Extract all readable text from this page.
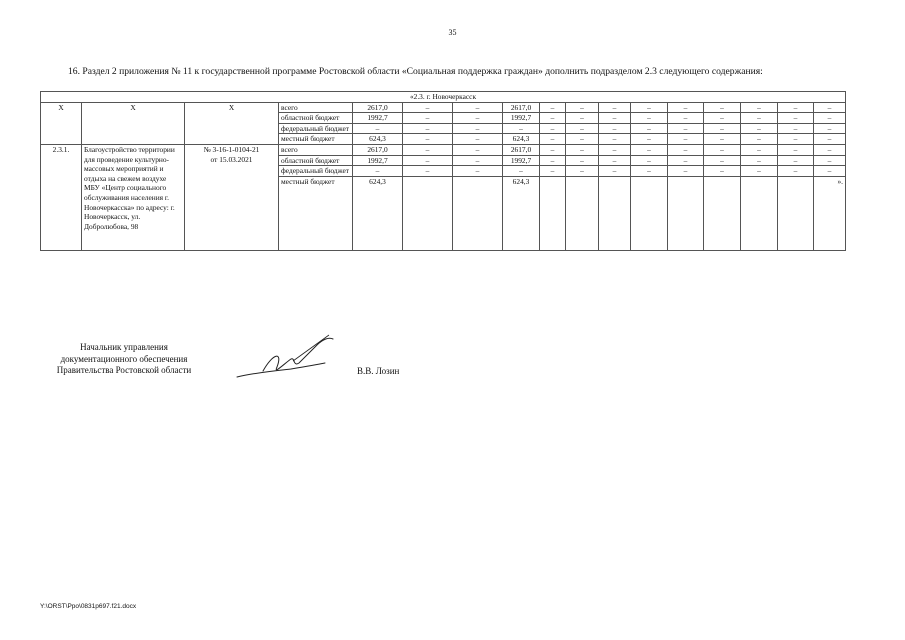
35
16. Раздел 2 приложения № 11 к государственной программе Ростовской области «Социальная поддержка граждан» дополнить подразделом 2.3 следующего содержания:
«2.3. г. Новочеркасск																
Х	Х	Х	всего	2617,0	–	–	2617,0	–	–	–	–	–	–	–	–	–
			областной бюджет	1992,7	–	–	1992,7	–	–	–	–	–	–	–	–	–
			федеральный бюджет	–	–	–	–	–	–	–	–	–	–	–	–	–
			местный бюджет	624,3	–	–	624,3	–	–	–	–	–	–	–	–	–
2.3.1.	Благоустройство территории для проведение культурно-массовых мероприятий и отдыха на свежем воздухе МБУ «Центр социального обслуживания населения г. Новочеркасска» по адресу: г. Новочеркасск, ул. Добролюбова, 98	№ 3-16-1-0104-21
от 15.03.2021	всего	2617,0	–	–	2617,0	–	–	–	–	–	–	–	–	–
			областной бюджет	1992,7	–	–	1992,7	–	–	–	–	–	–	–	–	–
			федеральный бюджет	–	–	–	–	–	–	–	–	–	–	–	–	–
			местный бюджет	624,3			624,3									».
Начальник управления
документационного обеспечения
Правительства Ростовской области	В.В. Лозин
Y:\ORST\Ppo\0831p697.f21.docx
